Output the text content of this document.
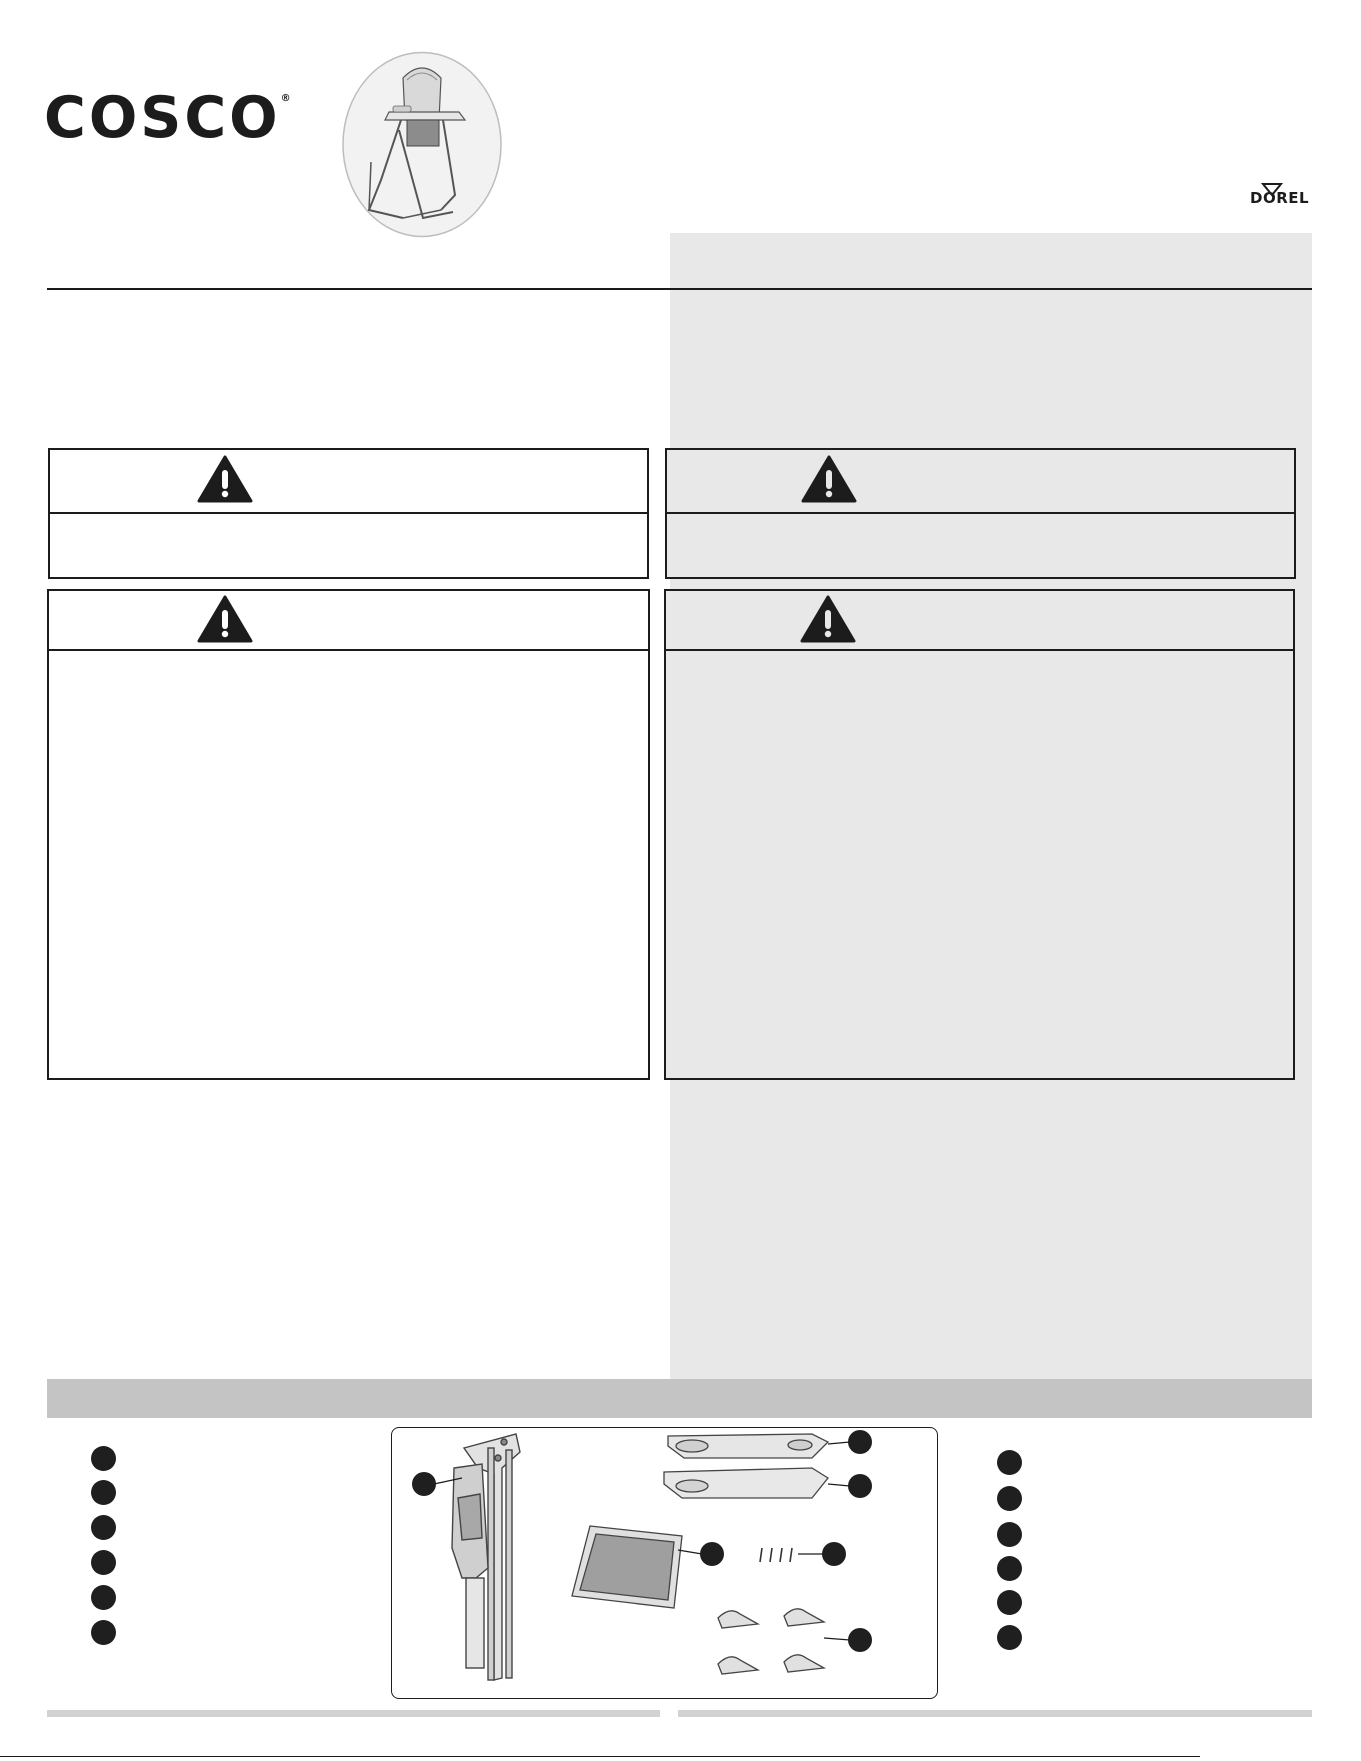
COSCO®
DOREL
